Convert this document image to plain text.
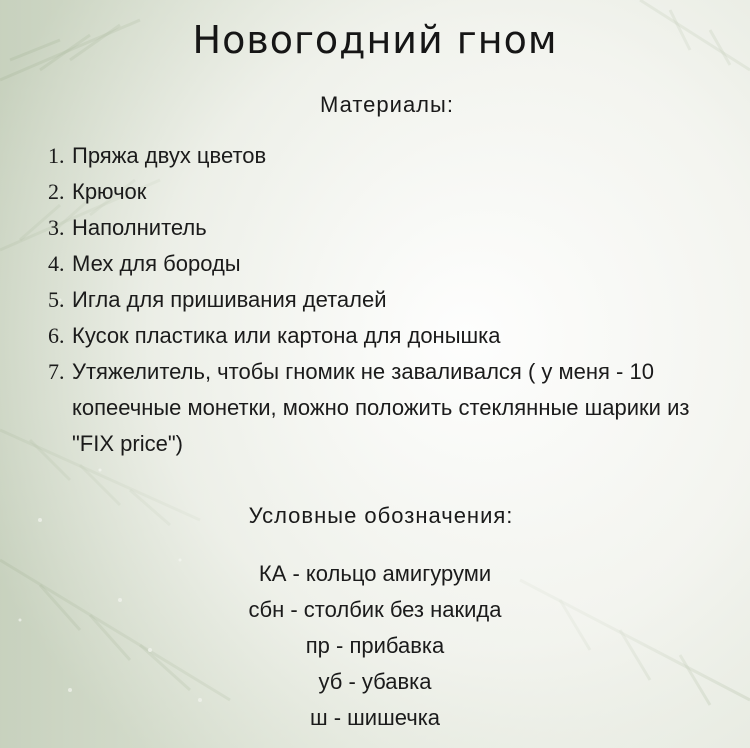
Новогодний гном
Материалы:
1. Пряжа двух цветов
2. Крючок
3. Наполнитель
4. Мех для бороды
5. Игла для пришивания деталей
6. Кусок пластика или картона для донышка
7. Утяжелитель, чтобы гномик не заваливался ( у меня - 10 копеечные монетки, можно положить стеклянные шарики из "FIX price")
Условные обозначения:
КА - кольцо амигуруми
сбн - столбик без накида
пр - прибавка
уб - убавка
ш - шишечка
